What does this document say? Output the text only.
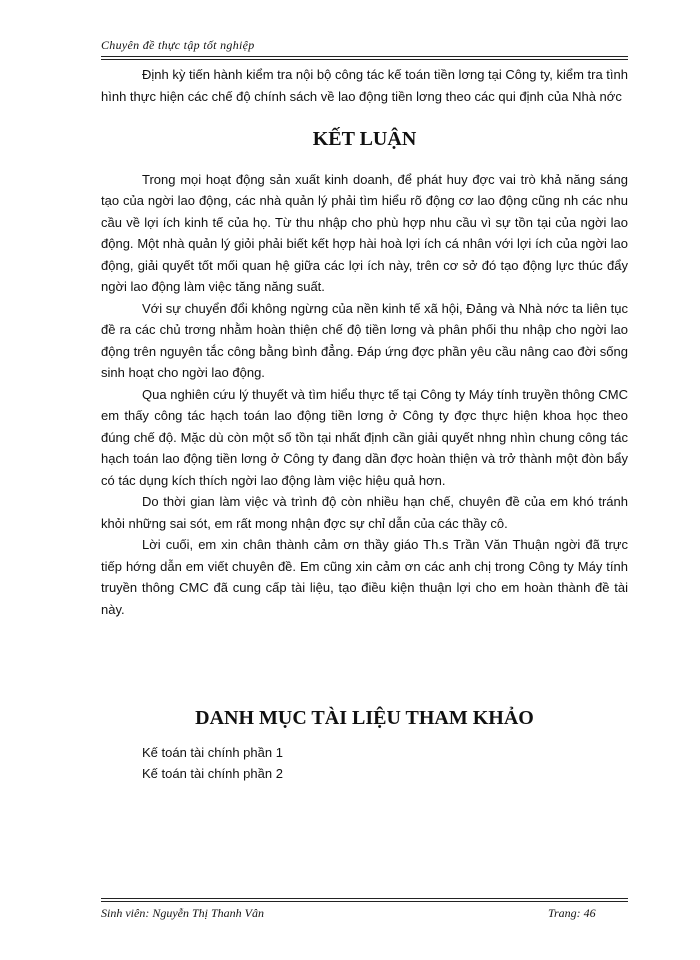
Chuyên đề thực tập tốt nghiệp

Định kỳ tiến hành kiểm tra nội bộ công tác kế toán tiền lơng tại Công ty, kiểm tra tình hình thực hiện các chế độ chính sách về lao động tiền lơng theo các qui định của Nhà nớc

KẾT LUẬN

Trong mọi hoạt động sản xuất kinh doanh, để phát huy đợc vai trò khả năng sáng tạo của ngời lao động, các nhà quản lý phải tìm hiểu rõ động cơ lao động cũng nh các nhu cầu về lợi ích kinh tế của họ. Từ thu nhập cho phù hợp nhu cầu vì sự tồn tại của ngời lao động. Một nhà quản lý giỏi phải biết kết hợp hài hoà lợi ích cá nhân với lợi ích của ngời lao động, giải quyết tốt mối quan hệ giữa các lợi ích này, trên cơ sở đó tạo động lực thúc đẩy ngời lao động làm việc tăng năng suất.

Với sự chuyển đổi không ngừng của nền kinh tế xã hội, Đảng và Nhà nớc ta liên tục đề ra các chủ trơng nhằm hoàn thiện chế độ tiền lơng và phân phối thu nhập cho ngời lao động trên nguyên tắc công bằng bình đẳng. Đáp ứng đợc phần yêu cầu nâng cao đời sống sinh hoạt cho ngời lao động.

Qua nghiên cứu lý thuyết và tìm hiểu thực tế tại Công ty Máy tính truyền thông CMC em thấy công tác hạch toán lao động tiền lơng ở Công ty đợc thực hiện khoa học theo đúng chế độ. Mặc dù còn một số tồn tại nhất định cần giải quyết nhng nhìn chung công tác hạch toán lao động tiền lơng ở Công ty đang dần đợc hoàn thiện và trở thành một đòn bẩy có tác dụng kích thích ngời lao động làm việc hiệu quả hơn.

Do thời gian làm việc và trình độ còn nhiều hạn chế, chuyên đề của em khó tránh khỏi những sai sót, em rất mong nhận đợc sự chỉ dẫn của các thầy cô.

Lời cuối, em xin chân thành cảm ơn thầy giáo Th.s Trần Văn Thuận ngời đã trực tiếp hớng dẫn em viết chuyên đề. Em cũng xin cảm ơn các anh chị trong Công ty Máy tính truyền thông CMC đã cung cấp tài liệu, tạo điều kiện thuận lợi cho em hoàn thành đề tài này.

DANH MỤC TÀI LIỆU THAM KHẢO
Kế toán tài chính phần 1
Kế toán tài chính phần 2
Sinh viên: Nguyễn Thị Thanh Vân	Trang: 46
